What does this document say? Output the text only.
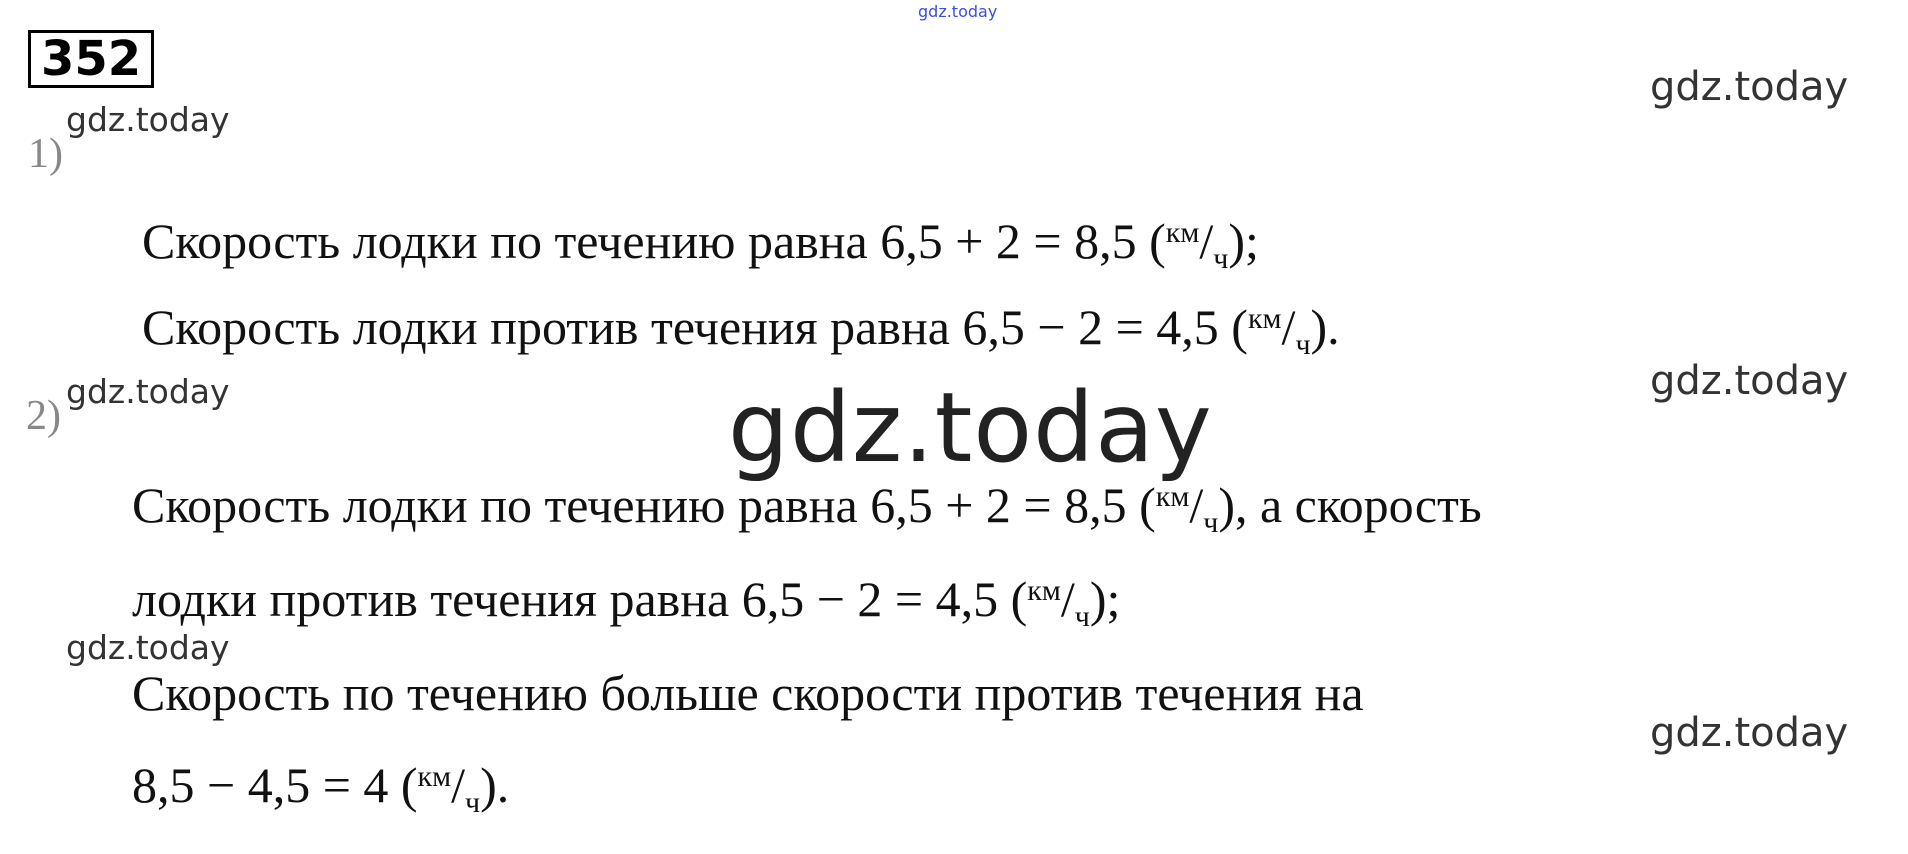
gdz.today
gdz.today
gdz.today
gdz.today	gdz.today
gdz.today
gdz.today
gdz.today
352
1)
Скорость лодки по течению равна 6,5 + 2 = 8,5 $(^{км}/_ч)$;
Скорость лодки против течения равна 6,5 − 2 = 4,5 $(^{км}/_ч)$.
2)
Скорость лодки по течению равна 6,5 + 2 = 8,5 $(^{км}/_ч)$, а скорость
лодки против течения равна 6,5 − 2 = 4,5 $(^{км}/_ч)$;
Скорость по течению больше скорости против течения на
8,5 − 4,5 = 4 $(^{км}/_ч)$.
